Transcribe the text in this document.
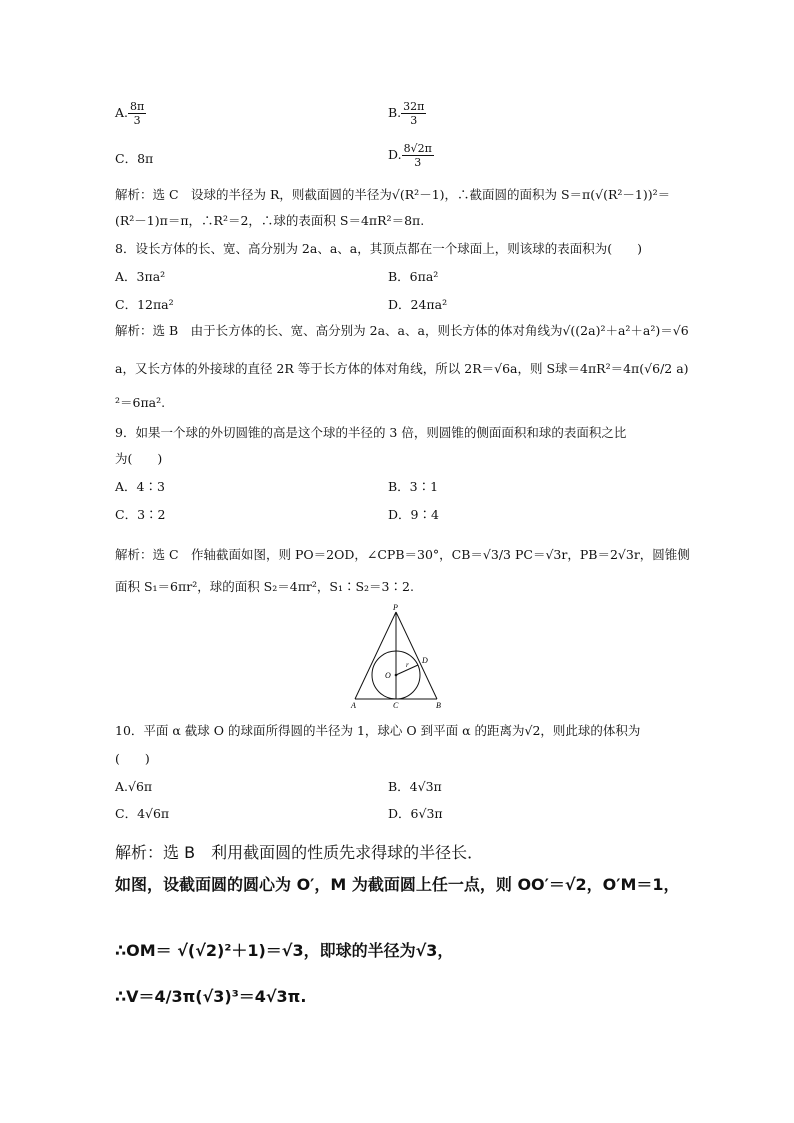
A. $\frac{8\pi}{3}$	B. $\frac{32\pi}{3}$
C．8π	D. $\frac{8√2\pi}{3}$
解析：选 C　设球的半径为 R，则截面圆的半径为√(R²－1)，∴截面圆的面积为 S＝π(√(R²－1))²＝
(R²－1)π＝π，∴R²＝2，∴球的表面积 S＝4πR²＝8π.
8．设长方体的长、宽、高分别为 2a、a、a，其顶点都在一个球面上，则该球的表面积为(　　)
A．3πa²	B．6πa²
C．12πa²	D．24πa²
解析：选 B　由于长方体的长、宽、高分别为 2a、a、a，则长方体的体对角线为√((2a)²＋a²＋a²)＝√6
a，又长方体的外接球的直径 2R 等于长方体的体对角线，所以 2R＝√6a，则 S球＝4πR²＝4π(√6/2 a)
²＝6πa².
9．如果一个球的外切圆锥的高是这个球的半径的 3 倍，则圆锥的侧面面积和球的表面积之比
为(　　)
A．4∶3	B．3∶1
C．3∶2	D．9∶4
解析：选 C　作轴截面如图，则 PO＝2OD，∠CPB＝30°，CB＝√3/3 PC＝√3r，PB＝2√3r，圆锥侧
面积 S₁＝6πr²，球的面积 S₂＝4πr²，S₁∶S₂＝3∶2.
P
A	B
C
D
O
r
10．平面 α 截球 O 的球面所得圆的半径为 1，球心 O 到平面 α 的距离为√2，则此球的体积为
(　　)
A.√6π	B．4√3π
C．4√6π	D．6√3π
解析：选 B　利用截面圆的性质先求得球的半径长．
如图，设截面圆的圆心为 O′，M 为截面圆上任一点，则 OO′＝√2，O′M＝1，
∴OM＝ √(√2)²＋1)＝√3，即球的半径为√3，
∴V＝4/3π(√3)³＝4√3π.
